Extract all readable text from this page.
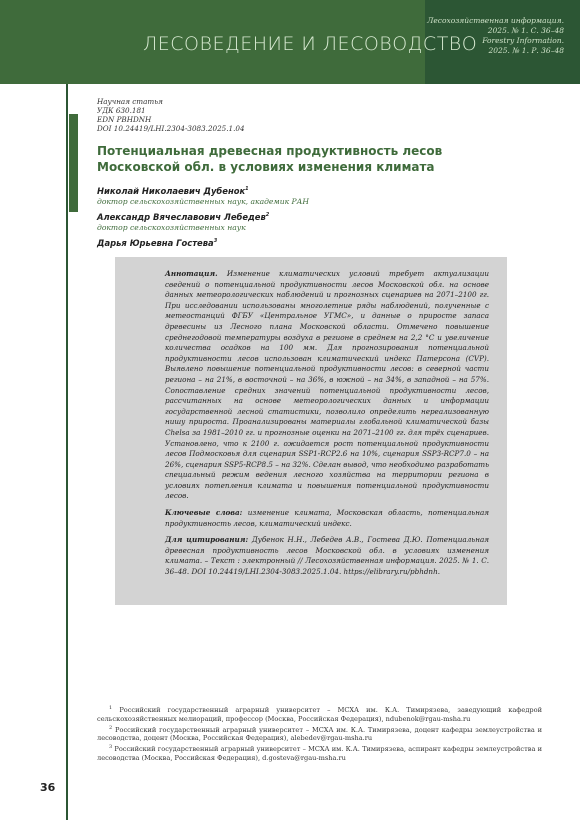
ЛЕСОВЕДЕНИЕ И ЛЕСОВОДСТВО
Лесохозяйственная информация.
2025. № 1. С. 36–48
Forestry Information.
2025. № 1. Р. 36–48
Научная статья
УДК 630.181
EDN PBHDNH
DOI 10.24419/LHI.2304-3083.2025.1.04
Потенциальная древесная продуктивность лесов Московской обл. в условиях изменения климата
Николай Николаевич Дубенок$^1$
доктор сельскохозяйственных наук, академик РАН
Александр Вячеславович Лебедев$^2$
доктор сельскохозяйственных наук
Дарья Юрьевна Гостева$^3$

Аннотация. Изменение климатических условий требует актуализации сведений о потенциальной продуктивности лесов Московской обл. на основе данных метеорологических наблюдений и прогнозных сценариев на 2071–2100 гг. При исследовании использованы многолетние ряды наблюдений, полученные с метеостанций ФГБУ «Центральное УГМС», и данные о приросте запаса древесины из Лесного плана Московской области. Отмечено повышение среднегодовой температуры воздуха в регионе в среднем на 2,2 °С и увеличение количества осадков на 100 мм. Для прогнозирования потенциальной продуктивности лесов использован климатический индекс Патерсона (CVP). Выявлено повышение потенциальной продуктивности лесов: в северной части региона – на 21%, в восточной – на 36%, в южной – на 34%, в западной – на 57%. Сопоставление средних значений потенциальной продуктивности лесов, рассчитанных на основе метеорологических данных и информации государственной лесной статистики, позволило определить нереализованную нишу прироста. Проанализированы материалы глобальной климатической базы Chelsa за 1981–2010 гг. и прогнозные оценки на 2071–2100 гг. для трёх сценариев. Установлено, что к 2100 г. ожидается рост потенциальной продуктивности лесов Подмосковья для сценария SSP1-RCP2.6 на 10%, сценария SSP3-RCP7.0 – на 26%, сценария SSP5-RCP8.5 – на 32%. Сделан вывод, что необходимо разработать специальный режим ведения лесного хозяйства на территории региона в условиях потепления климата и повышения потенциальной продуктивности лесов.

Ключевые слова: изменение климата, Московская область, потенциальная продуктивность лесов, климатический индекс.

Для цитирования: Дубенок Н.Н., Лебедев А.В., Гостева Д.Ю. Потенциальная древесная продуктивность лесов Московской обл. в условиях изменения климата. – Текст : электронный // Лесохозяйственная информация. 2025. № 1. С. 36–48. DOI 10.24419/LHI.2304-3083.2025.1.04. https://elibrary.ru/pbhdnh.

$^1$ Российский государственный аграрный университет – МСХА им. К.А. Тимирязева, заведующий кафедрой сельскохозяйственных мелиораций, профессор (Москва, Российская Федерация), ndubenok@rgau-msha.ru

$^2$ Российский государственный аграрный университет – МСХА им. К.А. Тимирязева, доцент кафедры землеустройства и лесоводства, доцент (Москва, Российская Федерация), alebedev@rgau-msha.ru

$^3$ Российский государственный аграрный университет – МСХА им. К.А. Тимирязева, аспирант кафедры землеустройства и лесоводства (Москва, Российская Федерация), d.gosteva@rgau-msha.ru

36
